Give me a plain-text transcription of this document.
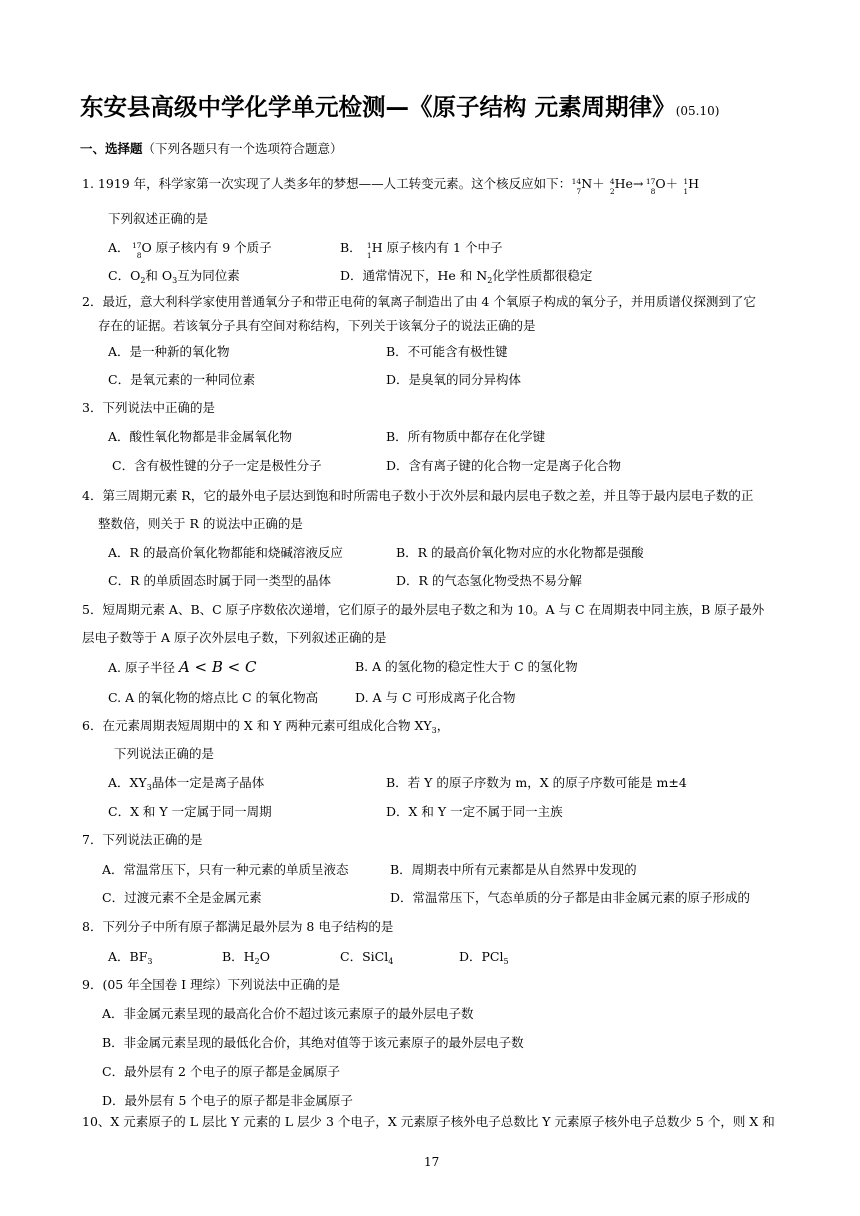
东安县高级中学化学单元检测—《原子结构 元素周期律》(05.10)
一、选择题（下列各题只有一个选项符合题意）
1. 1919 年，科学家第一次实现了人类多年的梦想——人工转变元素。这个核反应如下： 14
7 N＋ 4
2 He→ 17
8 O＋ 1
1 H
下列叙述正确的是
A． 17
8 O 原子核内有 9 个质子	B． 1
1 H 原子核内有 1 个中子
C．$O_2$和 $O_3$互为同位素	D．通常情况下，He 和 $N_2$化学性质都很稳定
2．最近，意大利科学家使用普通氧分子和带正电荷的氧离子制造出了由 4 个氧原子构成的氧分子，并用质谱仪探测到了它
存在的证据。若该氧分子具有空间对称结构，下列关于该氧分子的说法正确的是
A．是一种新的氧化物	B．不可能含有极性键
C．是氧元素的一种同位素	D．是臭氧的同分异构体
3．下列说法中正确的是
A．酸性氧化物都是非金属氧化物	B．所有物质中都存在化学键
C．含有极性键的分子一定是极性分子	D．含有离子键的化合物一定是离子化合物
4．第三周期元素 R，它的最外电子层达到饱和时所需电子数小于次外层和最内层电子数之差，并且等于最内层电子数的正
整数倍，则关于 R 的说法中正确的是
A．R 的最高价氧化物都能和烧碱溶液反应	B．R 的最高价氧化物对应的水化物都是强酸
C．R 的单质固态时属于同一类型的晶体	D．R 的气态氢化物受热不易分解
5．短周期元素 A、B、C 原子序数依次递增，它们原子的最外层电子数之和为 10。A 与 C 在周期表中同主族，B 原子最外
层电子数等于 A 原子次外层电子数，下列叙述正确的是
A. 原子半径 A < B < C	B. A 的氢化物的稳定性大于 C 的氢化物
C. A 的氧化物的熔点比 C 的氧化物高	D. A 与 C 可形成离子化合物
6．在元素周期表短周期中的 X 和 Y 两种元素可组成化合物 $XY_3$，
下列说法正确的是
A．$XY_3$晶体一定是离子晶体	B．若 Y 的原子序数为 m，X 的原子序数可能是 m±4
C．X 和 Y 一定属于同一周期	D．X 和 Y 一定不属于同一主族
7．下列说法正确的是
A．常温常压下，只有一种元素的单质呈液态	B．周期表中所有元素都是从自然界中发现的
C．过渡元素不全是金属元素	D．常温常压下，气态单质的分子都是由非金属元素的原子形成的
8．下列分子中所有原子都满足最外层为 8 电子结构的是
A．$BF_3$	B．$H_2O$	C．SiCl$_4$	D．PCl$_5$
9．(05 年全国卷 I 理综）下列说法中正确的是
A．非金属元素呈现的最高化合价不超过该元素原子的最外层电子数
B．非金属元素呈现的最低化合价，其绝对值等于该元素原子的最外层电子数
C．最外层有 2 个电子的原子都是金属原子
D．最外层有 5 个电子的原子都是非金属原子
10、X 元素原子的 L 层比 Y 元素的 L 层少 3 个电子，X 元素原子核外电子总数比 Y 元素原子核外电子总数少 5 个，则 X 和
17
